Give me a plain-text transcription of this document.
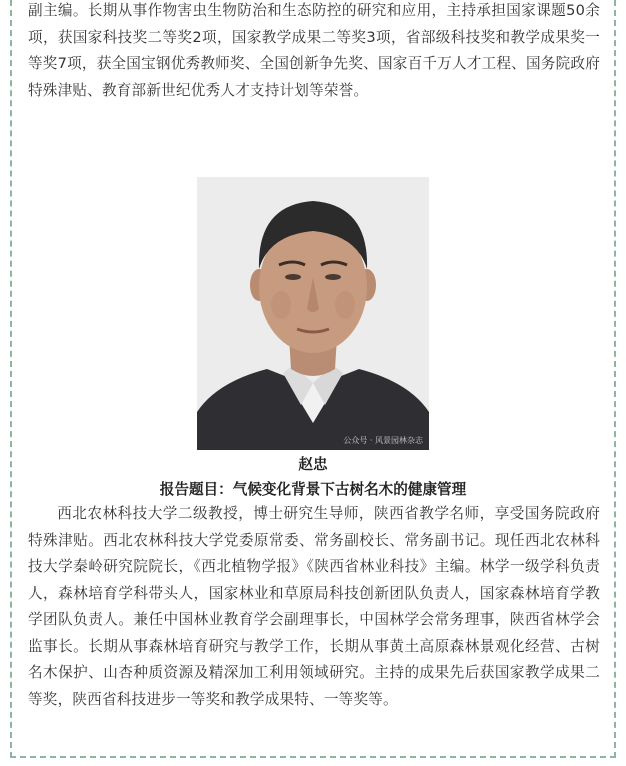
副主编。长期从事作物害虫生物防治和生态防控的研究和应用，主持承担国家课题50余项，获国家科技奖二等奖2项，国家教学成果二等奖3项，省部级科技奖和教学成果奖一等奖7项，获全国宝钢优秀教师奖、全国创新争先奖、国家百千万人才工程、国务院政府特殊津贴、教育部新世纪优秀人才支持计划等荣誉。
公众号 · 风景园林杂志
赵忠
报告题目：气候变化背景下古树名木的健康管理
西北农林科技大学二级教授，博士研究生导师，陕西省教学名师，享受国务院政府特殊津贴。西北农林科技大学党委原常委、常务副校长、常务副书记。现任西北农林科技大学秦岭研究院院长，《西北植物学报》《陕西省林业科技》主编。林学一级学科负责人，森林培育学科带头人，国家林业和草原局科技创新团队负责人，国家森林培育学教学团队负责人。兼任中国林业教育学会副理事长，中国林学会常务理事，陕西省林学会监事长。长期从事森林培育研究与教学工作，长期从事黄土高原森林景观化经营、古树名木保护、山杏种质资源及精深加工利用领域研究。主持的成果先后获国家教学成果二等奖，陕西省科技进步一等奖和教学成果特、一等奖等。
